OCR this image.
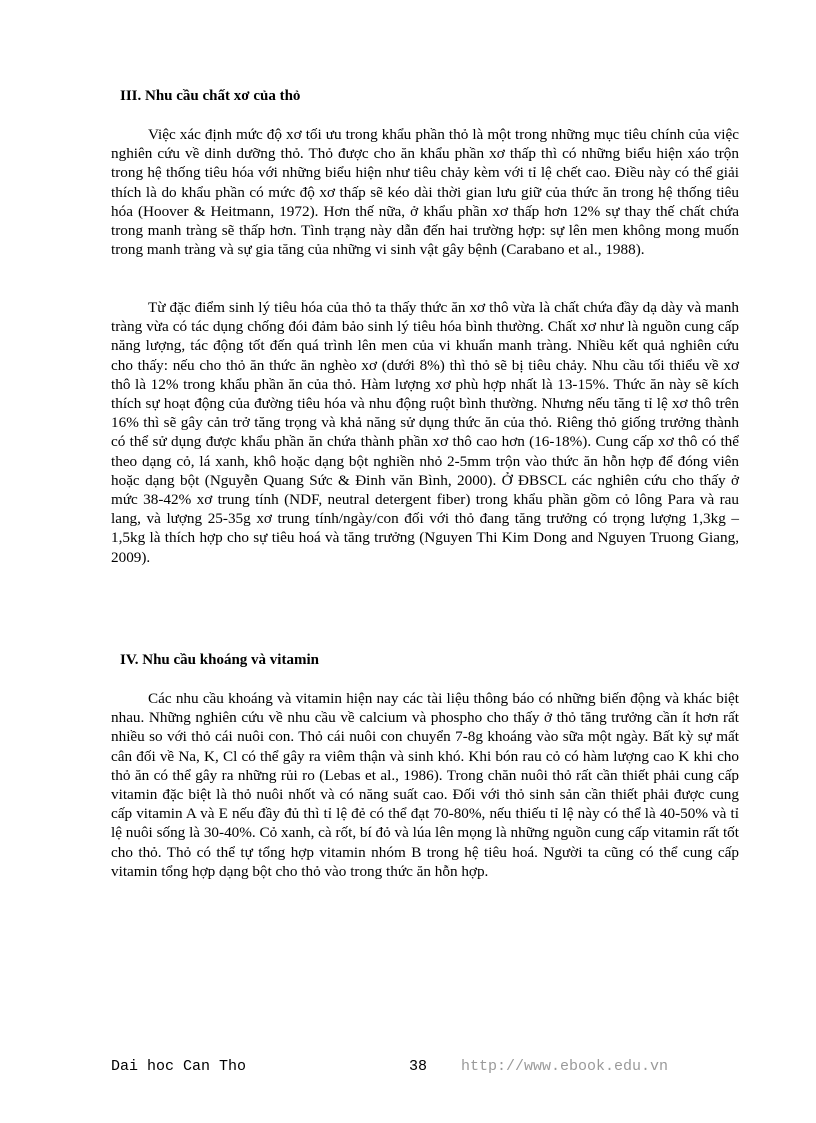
III. Nhu cầu chất xơ của thỏ

Việc xác định mức độ xơ tối ưu trong khẩu phần thỏ là một trong những mục tiêu chính của việc nghiên cứu về dinh dưỡng thỏ. Thỏ được cho ăn khẩu phần xơ thấp thì có những biểu hiện xáo trộn trong hệ thống tiêu hóa với những biểu hiện như tiêu chảy kèm với tỉ lệ chết cao. Điều này có thể giải thích là do khẩu phần có mức độ xơ thấp sẽ kéo dài thời gian lưu giữ của thức ăn trong hệ thống tiêu hóa (Hoover & Heitmann, 1972). Hơn thế nữa, ở khẩu phần xơ thấp hơn 12% sự thay thế chất chứa trong manh tràng sẽ thấp hơn. Tình trạng này dẫn đến hai trường hợp: sự lên men không mong muốn trong manh tràng và sự gia tăng của những vi sinh vật gây bệnh (Carabano et al., 1988).

Từ đặc điểm sinh lý tiêu hóa của thỏ ta thấy thức ăn xơ thô vừa là chất chứa đầy dạ dày và manh tràng vừa có tác dụng chống đói đảm bảo sinh lý tiêu hóa bình thường. Chất xơ như là nguồn cung cấp năng lượng, tác động tốt đến quá trình lên men của vi khuẩn manh tràng. Nhiều kết quả nghiên cứu cho thấy: nếu cho thỏ ăn thức ăn nghèo xơ (dưới 8%) thì thỏ sẽ bị tiêu chảy. Nhu cầu tối thiểu về xơ thô là 12% trong khẩu phần ăn của thỏ. Hàm lượng xơ phù hợp nhất là 13-15%. Thức ăn này sẽ kích thích sự hoạt động của đường tiêu hóa và nhu động ruột bình thường. Nhưng nếu tăng tỉ lệ xơ thô trên 16% thì sẽ gây cản trở tăng trọng và khả năng sử dụng thức ăn của thỏ. Riêng thỏ giống trưởng thành có thể sử dụng được khẩu phần ăn chứa thành phần xơ thô cao hơn (16-18%). Cung cấp xơ thô có thể theo dạng cỏ, lá xanh, khô hoặc dạng bột nghiền nhỏ 2-5mm trộn vào thức ăn hỗn hợp để đóng viên hoặc dạng bột (Nguyễn Quang Sức & Đinh văn Bình, 2000). Ở ĐBSCL các nghiên cứu cho thấy ở mức 38-42% xơ trung tính (NDF, neutral detergent fiber) trong khẩu phần gồm cỏ lông Para và rau lang, và lượng 25-35g xơ trung tính/ngày/con đối với thỏ đang tăng trưởng có trọng lượng 1,3kg – 1,5kg là thích hợp cho sự tiêu hoá và tăng trưởng (Nguyen Thi Kim Dong and Nguyen Truong Giang, 2009).

IV. Nhu cầu khoáng và vitamin

Các nhu cầu khoáng và vitamin hiện nay các tài liệu thông báo có những biến động và khác biệt nhau. Những nghiên cứu về nhu cầu về calcium và phospho cho thấy ở thỏ tăng trưởng cần ít hơn rất nhiều so với thỏ cái nuôi con. Thỏ cái nuôi con chuyển 7-8g khoáng vào sữa một ngày. Bất kỳ sự mất cân đối về Na, K, Cl có thể gây ra viêm thận và sinh khó. Khi bón rau cỏ có hàm lượng cao K khi cho thỏ ăn có thể gây ra những rủi ro (Lebas et al., 1986). Trong chăn nuôi thỏ rất cần thiết phải cung cấp vitamin đặc biệt là thỏ nuôi nhốt và có năng suất cao. Đối với thỏ sinh sản cần thiết phải được cung cấp vitamin A và E nếu đầy đủ thì tỉ lệ đẻ có thể đạt 70-80%, nếu thiếu tỉ lệ này có thể là 40-50% và tỉ lệ nuôi sống là 30-40%. Cỏ xanh, cà rốt, bí đỏ và lúa lên mọng là những nguồn cung cấp vitamin rất tốt cho thỏ. Thỏ có thể tự tổng hợp vitamin nhóm B trong hệ tiêu hoá. Người ta cũng có thể cung cấp vitamin tổng hợp dạng bột cho thỏ vào trong thức ăn hỗn hợp.

Dai hoc Can Tho	38 http://www.ebook.edu.vn
